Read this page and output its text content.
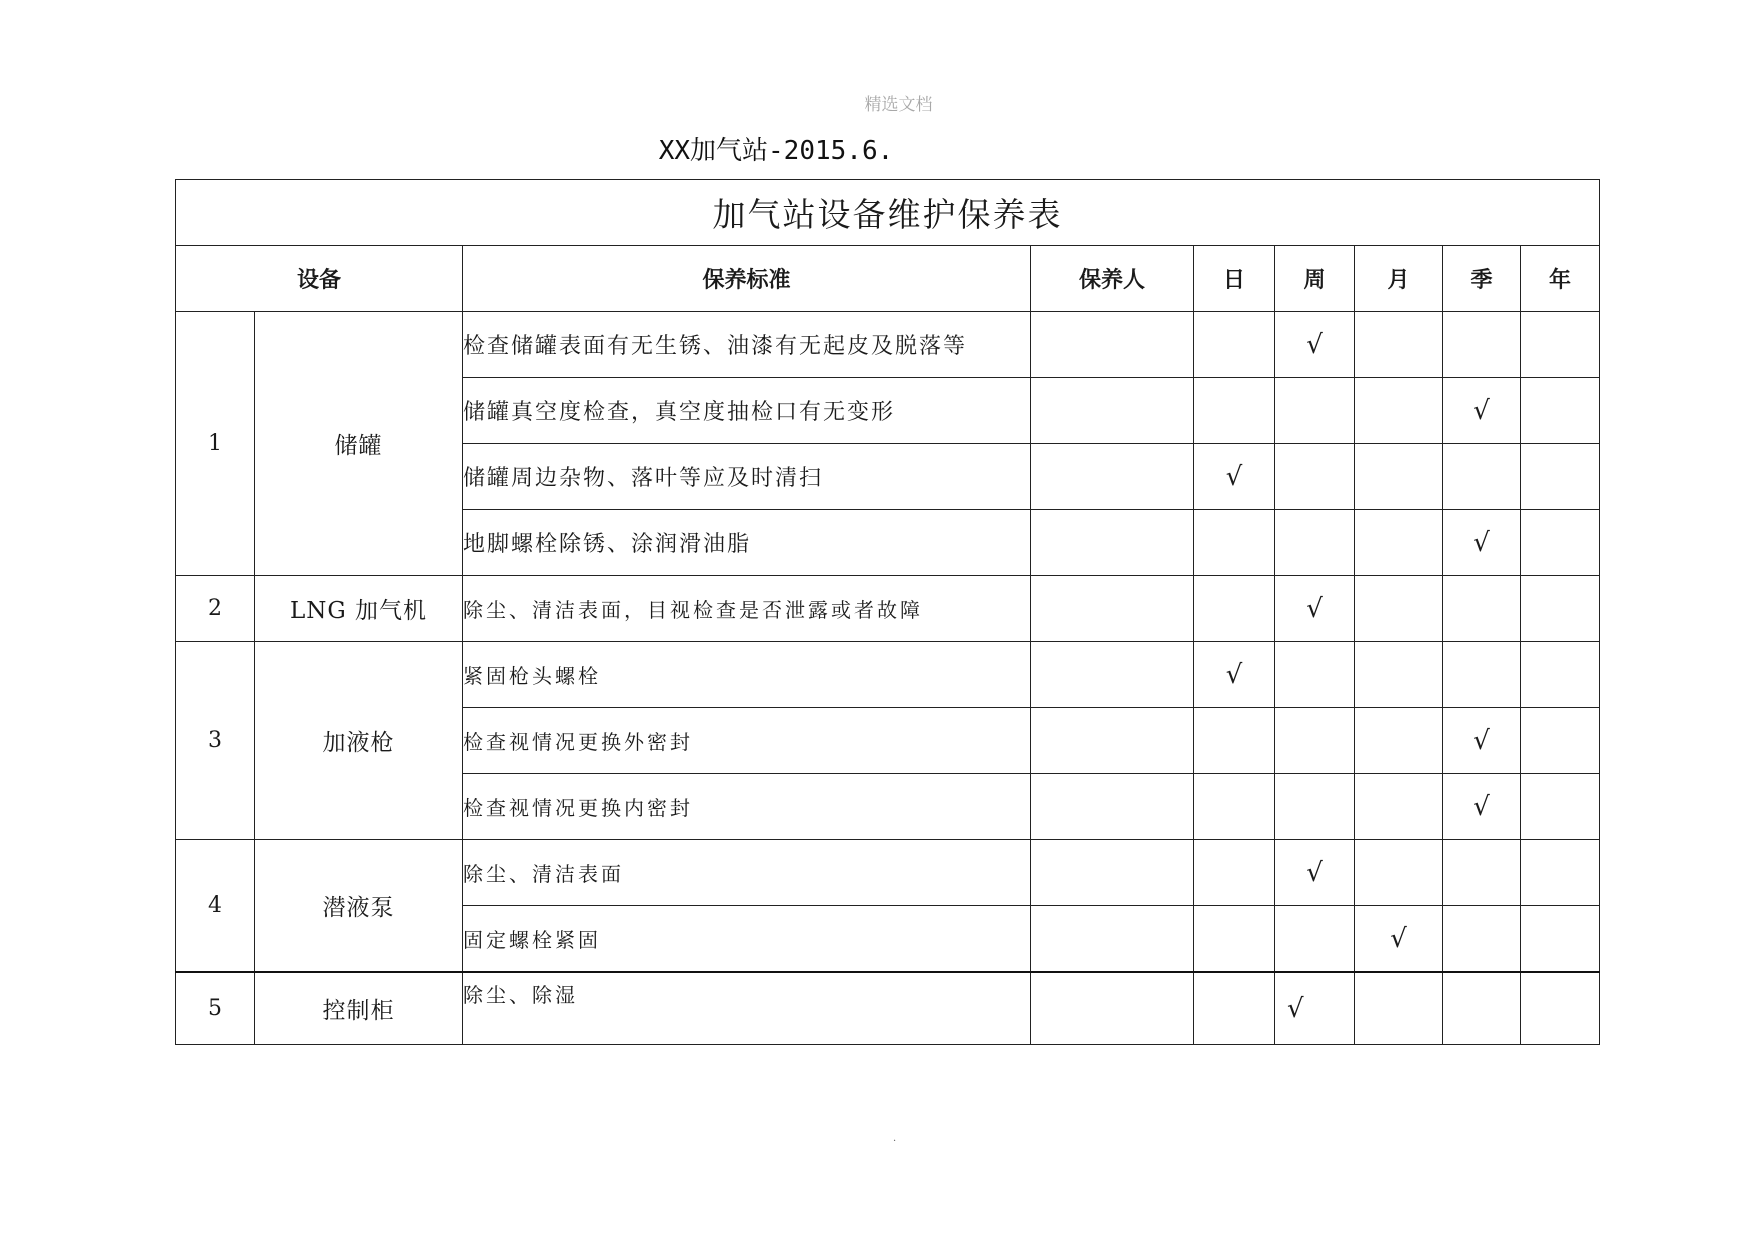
精选文档
XX加气站-2015.6.
加气站设备维护保养表								
设备		保养标准	保养人	日	周	月	季	年
1	储罐	检查储罐表面有无生锈、油漆有无起皮及脱落等			√			
		储罐真空度检查，真空度抽检口有无变形					√	
		储罐周边杂物、落叶等应及时清扫		√				
		地脚螺栓除锈、涂润滑油脂					√	
2	LNG 加气机	除尘、清洁表面，目视检查是否泄露或者故障			√			
3	加液枪	紧固枪头螺栓		√				
		检查视情况更换外密封					√	
		检查视情况更换内密封					√	
4	潜液泵	除尘、清洁表面			√			
		固定螺栓紧固				√		
5	控制柜	除尘、除湿			√			
·
